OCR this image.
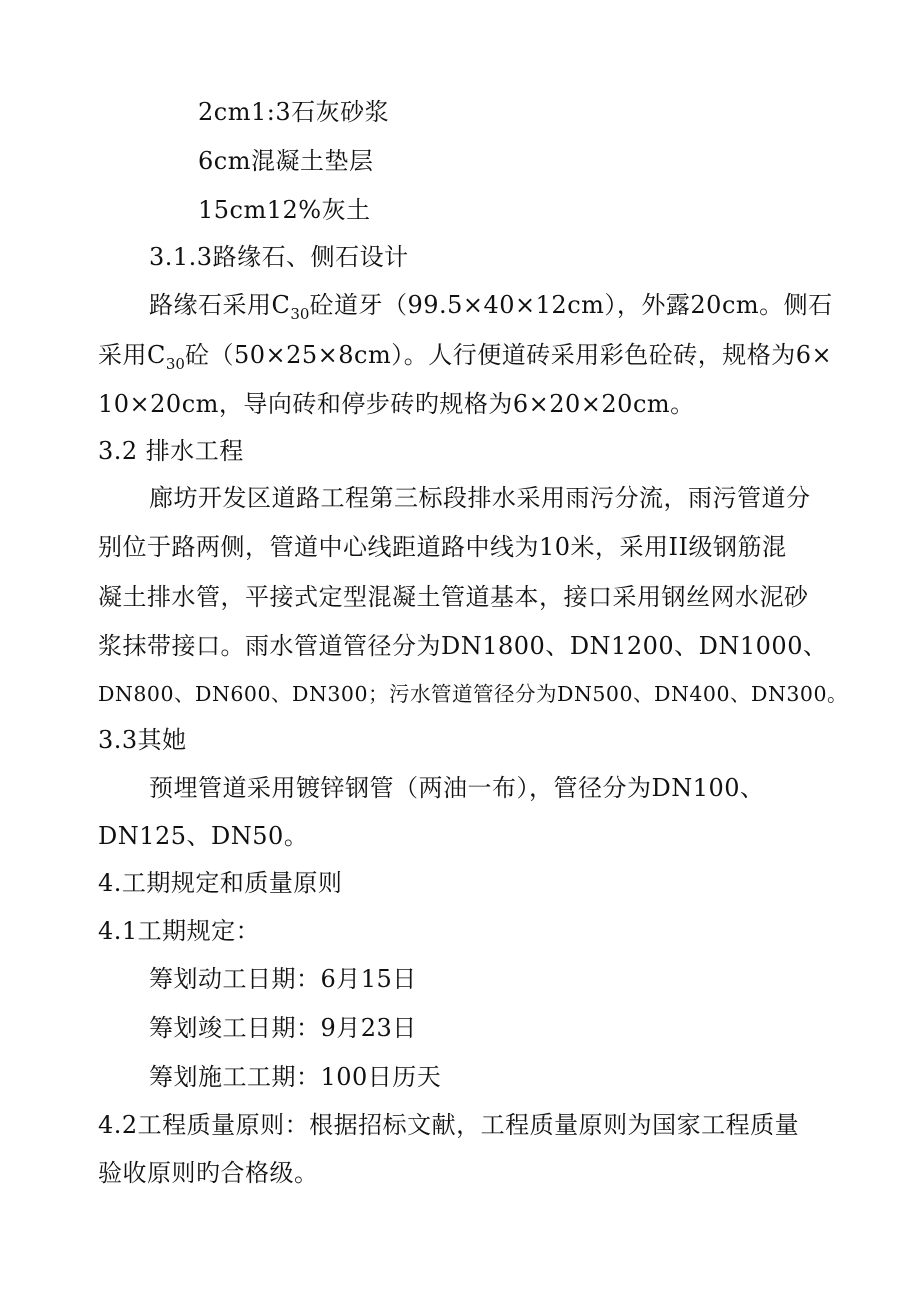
2cm1:3石灰砂浆
6cm混凝土垫层
15cm12%灰土
3.1.3路缘石、侧石设计
路缘石采用$C_{30}$砼道牙（99.5×40×12cm），外露20cm。侧石
采用$C_{30}$砼（50×25×8cm）。人行便道砖采用彩色砼砖，规格为6×
10×20cm，导向砖和停步砖旳规格为6×20×20cm。
3.2 排水工程
廊坊开发区道路工程第三标段排水采用雨污分流，雨污管道分
别位于路两侧，管道中心线距道路中线为10米，采用II级钢筋混
凝土排水管，平接式定型混凝土管道基本，接口采用钢丝网水泥砂
浆抹带接口。雨水管道管径分为DN1800、DN1200、DN1000、
DN800、DN600、DN300；污水管道管径分为DN500、DN400、DN300。
3.3其她
预埋管道采用镀锌钢管（两油一布），管径分为DN100、
DN125、DN50。
4.工期规定和质量原则
4.1工期规定：
筹划动工日期：6月15日
筹划竣工日期：9月23日
筹划施工工期：100日历天
4.2工程质量原则：根据招标文献，工程质量原则为国家工程质量
验收原则旳合格级。
